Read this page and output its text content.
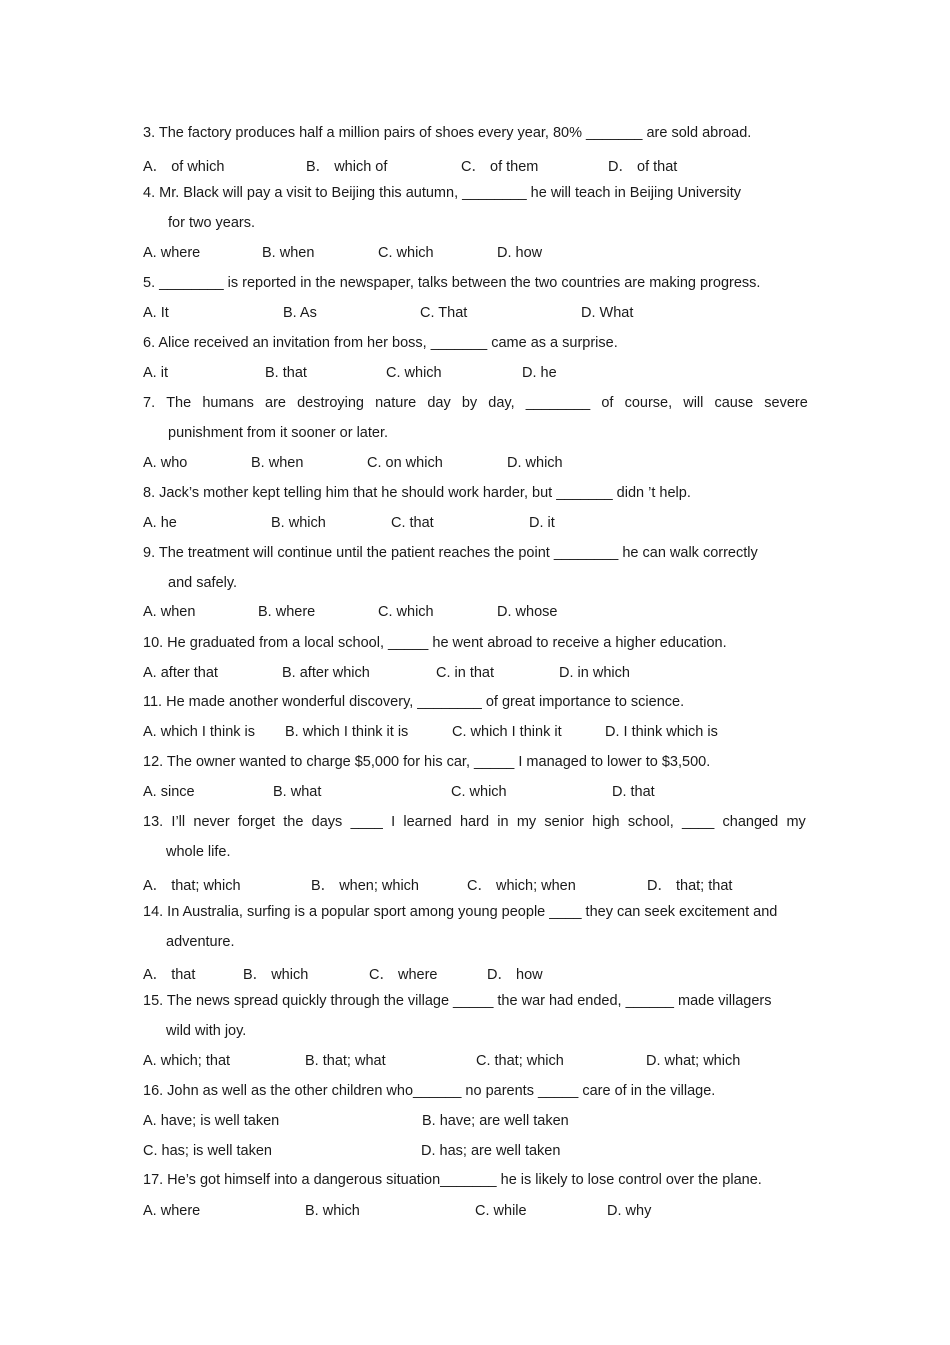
3. The factory produces half a million pairs of shoes every year, 80% _______ are sold abroad.
A． of which	B． which of	C． of them	D． of that
4. Mr. Black will pay a visit to Beijing this autumn, ________ he will teach in Beijing University
for two years.
A. where	B. when	C. which	D. how
5. ________ is reported in the newspaper, talks between the two countries are making progress.
A. It	B. As	C. That	D. What
6. Alice received an invitation from her boss, _______ came as a surprise.
A. it	B. that	C. which	D. he
7. The humans are destroying nature day by day, ________ of course, will cause severe
punishment from it sooner or later.
A. who	B. when	C. on which	D. which
8. Jack’s mother kept telling him that he should work harder, but _______ didn ’t help.
A. he	B. which	C. that	D. it
9. The treatment will continue until the patient reaches the point ________ he can walk correctly
and safely.
A. when	B. where	C. which	D. whose
10. He graduated from a local school, _____ he went abroad to receive a higher education.
A. after that	B. after which	C. in that	D. in which
11. He made another wonderful discovery, ________ of great importance to science.
A. which I think is B. which I think it is	C. which I think it	D. I think which is
12. The owner wanted to charge $5,000 for his car, _____ I managed to lower to $3,500.
A. since	B. what	C. which	D. that
13. I’ll never forget the days ____ I learned hard in my senior high school, ____ changed my
whole life.
A． that; which	B． when; which	C． which; when	D． that; that
14. In Australia, surfing is a popular sport among young people ____ they can seek excitement and
adventure.
A． that	B． which	C． where	D． how
15. The news spread quickly through the village _____ the war had ended, ______ made villagers
wild with joy.
A. which; that	B. that; what	C. that; which	D. what; which
16. John as well as the other children who______ no parents _____ care of in the village.
A. have; is well taken	B. have; are well taken
C. has; is well taken	D. has; are well taken
17. He’s got himself into a dangerous situation_______ he is likely to lose control over the plane.
A. where	B. which	C. while	D. why
